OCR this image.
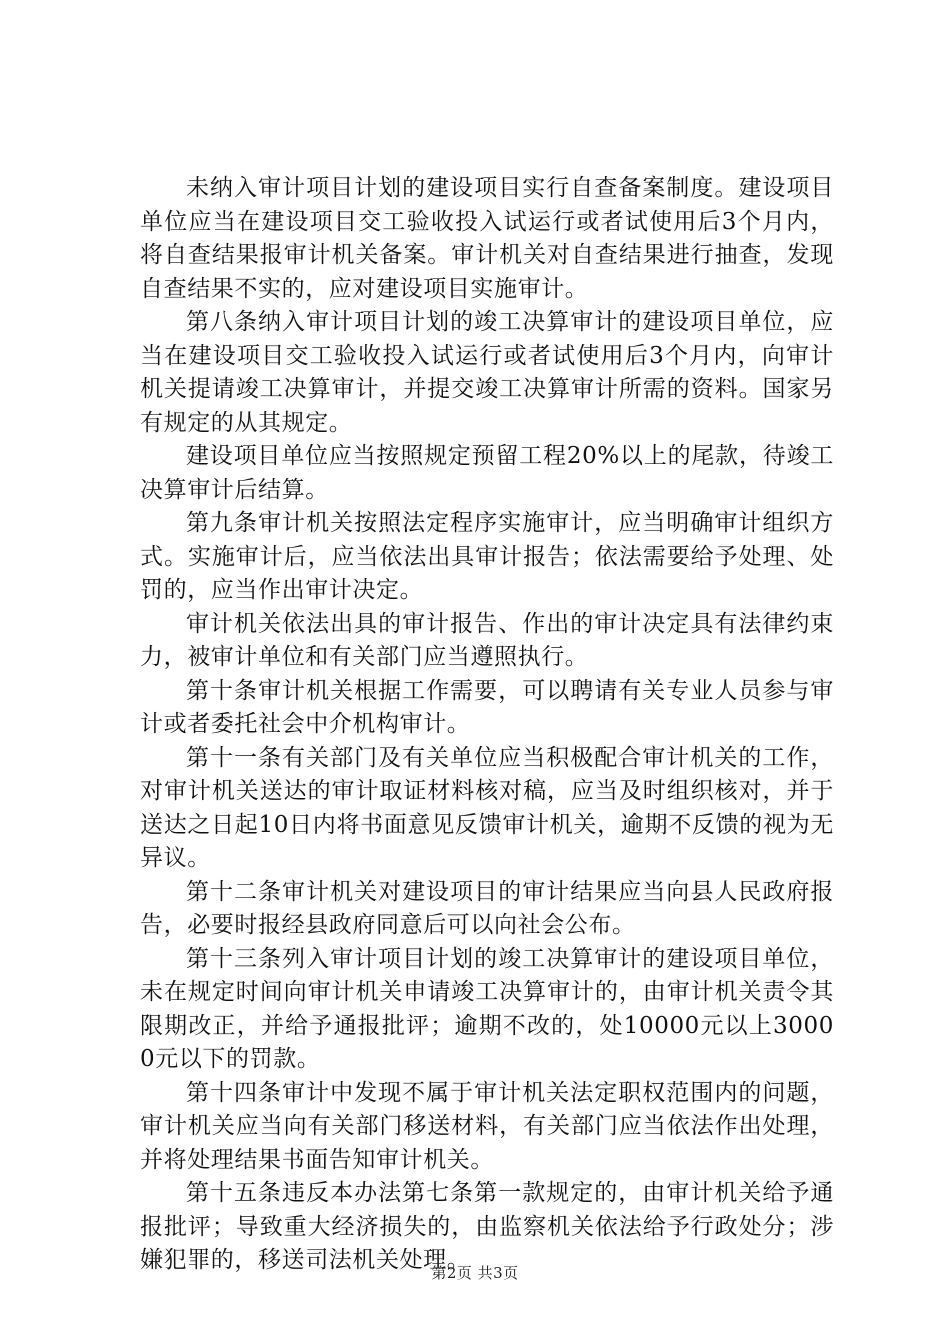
未纳入审计项目计划的建设项目实行自查备案制度。建设项目单位应当在建设项目交工验收投入试运行或者试使用后3个月内，将自查结果报审计机关备案。审计机关对自查结果进行抽查，发现自查结果不实的，应对建设项目实施审计。

第八条纳入审计项目计划的竣工决算审计的建设项目单位，应当在建设项目交工验收投入试运行或者试使用后3个月内，向审计机关提请竣工决算审计，并提交竣工决算审计所需的资料。国家另有规定的从其规定。

建设项目单位应当按照规定预留工程20%以上的尾款，待竣工决算审计后结算。

第九条审计机关按照法定程序实施审计，应当明确审计组织方式。实施审计后，应当依法出具审计报告；依法需要给予处理、处罚的，应当作出审计决定。

审计机关依法出具的审计报告、作出的审计决定具有法律约束力，被审计单位和有关部门应当遵照执行。

第十条审计机关根据工作需要，可以聘请有关专业人员参与审计或者委托社会中介机构审计。

第十一条有关部门及有关单位应当积极配合审计机关的工作，对审计机关送达的审计取证材料核对稿，应当及时组织核对，并于送达之日起10日内将书面意见反馈审计机关，逾期不反馈的视为无异议。

第十二条审计机关对建设项目的审计结果应当向县人民政府报告，必要时报经县政府同意后可以向社会公布。

第十三条列入审计项目计划的竣工决算审计的建设项目单位，未在规定时间向审计机关申请竣工决算审计的，由审计机关责令其限期改正，并给予通报批评；逾期不改的，处10000元以上30000元以下的罚款。

第十四条审计中发现不属于审计机关法定职权范围内的问题，审计机关应当向有关部门移送材料，有关部门应当依法作出处理，并将处理结果书面告知审计机关。

第十五条违反本办法第七条第一款规定的，由审计机关给予通报批评；导致重大经济损失的，由监察机关依法给予行政处分；涉嫌犯罪的，移送司法机关处理。

第2页 共3页
